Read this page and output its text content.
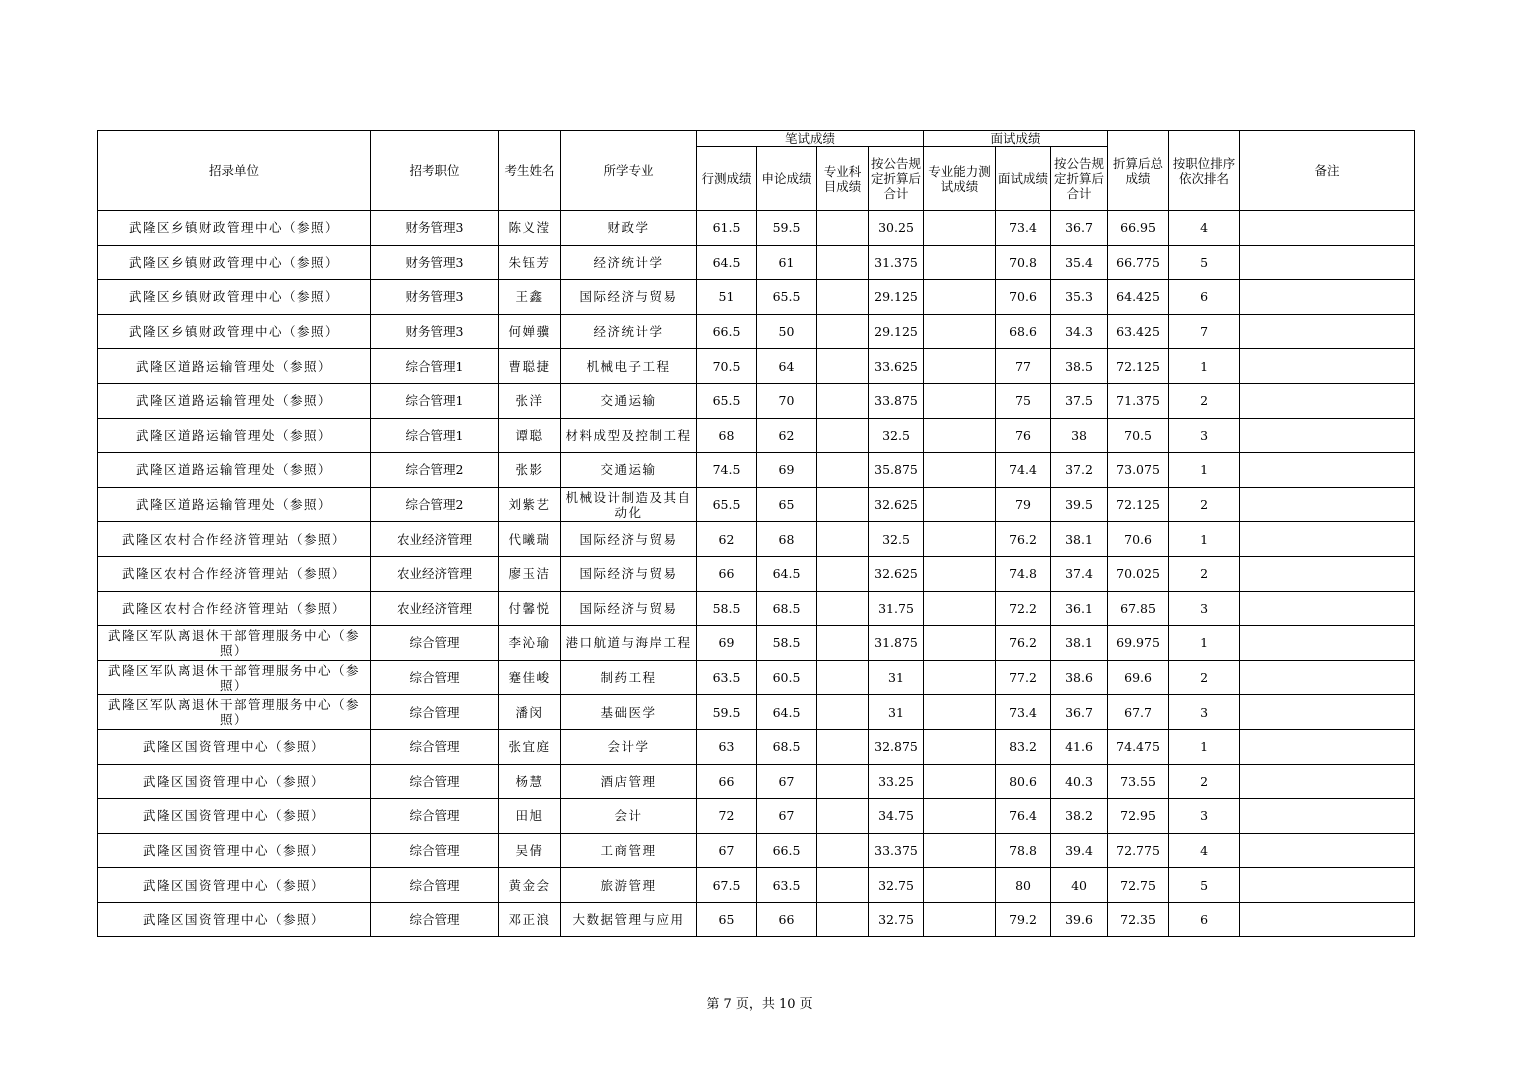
招录单位	招考职位	考生姓名	所学专业	笔试成绩				面试成绩			折算后总成绩	按职位排序依次排名	备注
				行测成绩	申论成绩	专业科目成绩	按公告规定折算后合计	专业能力测试成绩	面试成绩	按公告规定折算后合计			
武隆区乡镇财政管理中心（参照）	财务管理3	陈义滢	财政学	61.5	59.5		30.25		73.4	36.7	66.95	4	
武隆区乡镇财政管理中心（参照）	财务管理3	朱钰芳	经济统计学	64.5	61		31.375		70.8	35.4	66.775	5	
武隆区乡镇财政管理中心（参照）	财务管理3	王鑫	国际经济与贸易	51	65.5		29.125		70.6	35.3	64.425	6	
武隆区乡镇财政管理中心（参照）	财务管理3	何婵骥	经济统计学	66.5	50		29.125		68.6	34.3	63.425	7	
武隆区道路运输管理处（参照）	综合管理1	曹聪捷	机械电子工程	70.5	64		33.625		77	38.5	72.125	1	
武隆区道路运输管理处（参照）	综合管理1	张洋	交通运输	65.5	70		33.875		75	37.5	71.375	2	
武隆区道路运输管理处（参照）	综合管理1	谭聪	材料成型及控制工程	68	62		32.5		76	38	70.5	3	
武隆区道路运输管理处（参照）	综合管理2	张影	交通运输	74.5	69		35.875		74.4	37.2	73.075	1	
武隆区道路运输管理处（参照）	综合管理2	刘紫艺	机械设计制造及其自动化	65.5	65		32.625		79	39.5	72.125	2	
武隆区农村合作经济管理站（参照）	农业经济管理	代曦瑞	国际经济与贸易	62	68		32.5		76.2	38.1	70.6	1	
武隆区农村合作经济管理站（参照）	农业经济管理	廖玉洁	国际经济与贸易	66	64.5		32.625		74.8	37.4	70.025	2	
武隆区农村合作经济管理站（参照）	农业经济管理	付馨悦	国际经济与贸易	58.5	68.5		31.75		72.2	36.1	67.85	3	
武隆区军队离退休干部管理服务中心（参照）	综合管理	李沁瑜	港口航道与海岸工程	69	58.5		31.875		76.2	38.1	69.975	1	
武隆区军队离退休干部管理服务中心（参照）	综合管理	蹇佳峻	制药工程	63.5	60.5		31		77.2	38.6	69.6	2	
武隆区军队离退休干部管理服务中心（参照）	综合管理	潘闵	基础医学	59.5	64.5		31		73.4	36.7	67.7	3	
武隆区国资管理中心（参照）	综合管理	张宜庭	会计学	63	68.5		32.875		83.2	41.6	74.475	1	
武隆区国资管理中心（参照）	综合管理	杨慧	酒店管理	66	67		33.25		80.6	40.3	73.55	2	
武隆区国资管理中心（参照）	综合管理	田旭	会计	72	67		34.75		76.4	38.2	72.95	3	
武隆区国资管理中心（参照）	综合管理	吴倩	工商管理	67	66.5		33.375		78.8	39.4	72.775	4	
武隆区国资管理中心（参照）	综合管理	黄金会	旅游管理	67.5	63.5		32.75		80	40	72.75	5	
武隆区国资管理中心（参照）	综合管理	邓正浪	大数据管理与应用	65	66		32.75		79.2	39.6	72.35	6	
第 7 页，共 10 页
